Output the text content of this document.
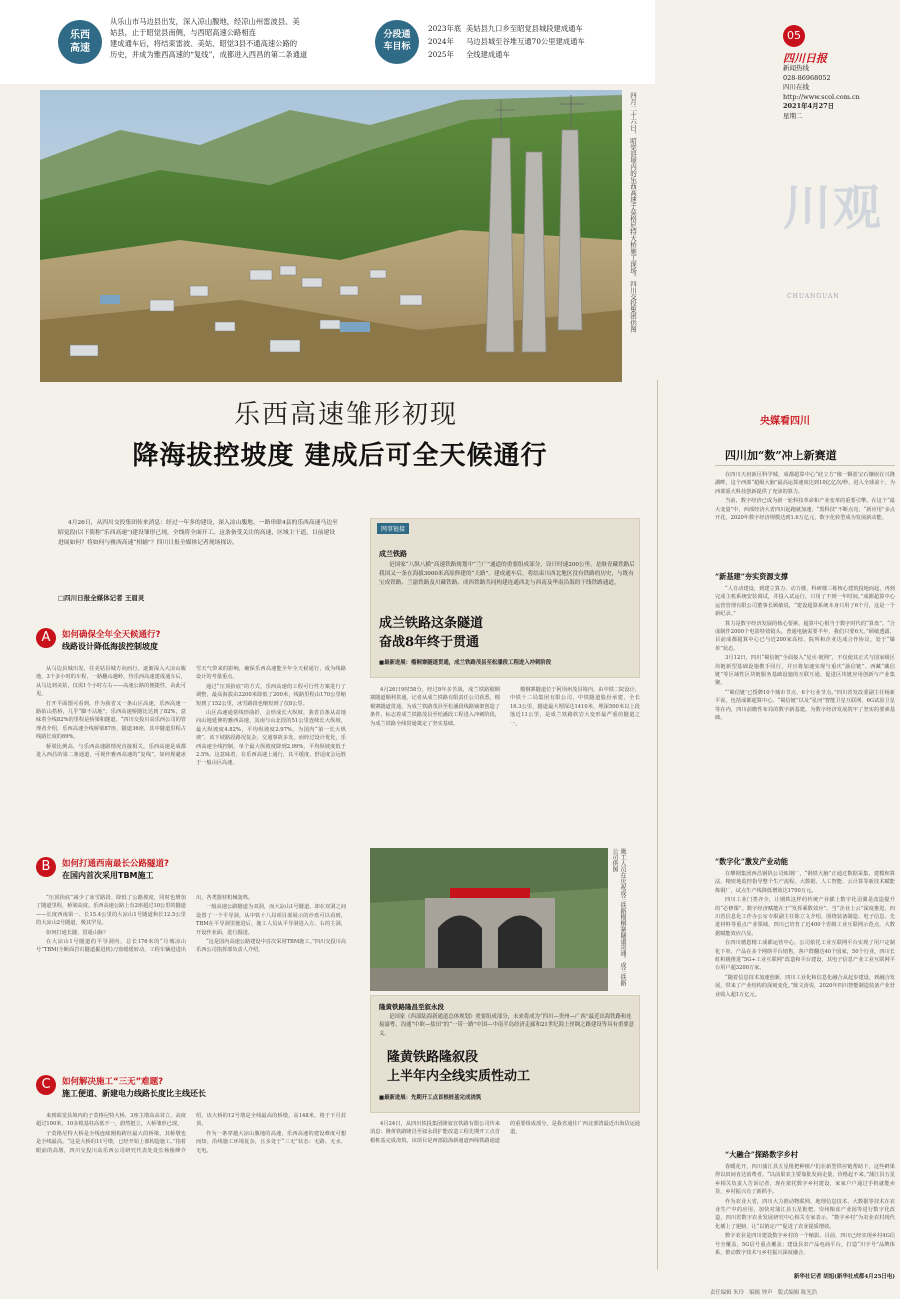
乐西高速
从乐山市马边县出发，深入凉山腹地，经凉山州雷波县、美
姑县，止于昭觉县南侧，与西昭高速公路相连
建成通车后，将结束雷波、美姑、昭觉3县不通高速公路的
历史，并成为雅西高速的“复线”，成都进入西昌的第二条通道
分段通车目标
2023年底 美姑县九口乡至昭觉县城段建成通车
2024年 马边县城至谷堆互通70公里建成通车
2025年 全线建成通车
四月二十六日，昭觉县境内的乐西高速子莫格尼特大桥施工现场。四川交投集团供图
05
四川日报
新闻热线
028-86968052
四川在线
http://www.scol.com.cn
2021年4月27日
星期二
川观
CHUANGUAN
央媒看四川
四川加“数”冲上新赛道

在四川天府新区科学城，成都超算中心“硅立方”像一颗蓝宝石镶嵌在兴隆湖畔，这个西部“超级大脑”最高运算速度达到10亿亿次/秒，进入全球前十，为西部重大科技创新提供了充沛的算力。

当前，数字经济已成为新一轮科技革命和产业变革的重要引擎。在这个“最大变量”中，西部经济大省四川起跑就加速，“黑科技”不断点亮，“新应用”多点开花，2020年数字经济规模达到1.6万亿元，数字化转型成为发展新动能。

“新基建”夯实资源支撑

“人自动建设，到建立算力、动力楼，科研楼三栋核心建筑投地而起，再到完成主机系统安装调试，并投入试运行，只用了不到一年时间。”成都超算中心运营管理有限公司董事长顾敏说，“建设超算系统本身只用了6个月，这是一个新纪录。”

算力是数字经济发展的核心要素，超算中心相当于数字时代的“算盘”。“合成制作2000个电影特效镜头，普通电脑需要半年，我们只要6天。”顾敏透露，目前成都超算中心已与近200家高校、院所和企业达成合作协议，处于“爆单”状态。

3月12日，四川“蜀信链”全面接入“星火·链网”，不仅使其正式与国家级区块链新型基础设施携手同行，并且将加速实现与重庆“渝信链”、西藏“藏信链”等区域性区块链服务基础设施的互联互通，促进区块链应用创新与产业集聚。

“‘蜀信链’已授牌10个城市节点、6个行业节点。”四川省发改委副主任杨新平说，包括成都超算中心、“蜀信链”以及“星河”智能卫星互联网、6G试验卫星等在内，四川前瞻性布局的数字新基建，为数字经济发展筑牢了坚实的要素基础。

“数字化”激发产业动能

在攀钢集团西昌钢钒公司炼钢厂，“钢铁大脑”正通过数据采集、建模和算法，精密地监控指导整个生产流程。大数据、人工智能、云计算等新技术赋能炼钢厂，试点生产线降低增效达1700万元。

四川工业门类齐全，让钢铁这样的传统产业插上数字化羽翼是改造提升的“必修课”。数字经济赋能在于“发挥乘数效应”。当“企业上云”深度推进，四川省信息化工作办公室专职副主任陈立文介绍，围绕装备制造、电子信息、先进材料等重点产业领域，四川已培育了近400个省级工业互联网示范点，大数据赋能效应凸显。

在四川德恩精工成都运营中心，公司依托工业互联网平台实现了用户定制化下单，产品在多个网络平台销售，客户群翻达40个国家，50个行业，四川长虹积极推进“5G+工业互联网”改造和平台建设，其电子信息产业工业互联网平台用户超3200万家。

“随着信息技术加速创新，四川工业化和信息化融合从起步建设，到融合发展，带来了产业结构的深刻变化。”陈文涛说，2020年四川智能制造装备产业营业收入超1万亿元。

“大融合”探路数字乡村

春暖花开，四川蒲江县五星枇杷种植户们在新型供应链帮助下，这些鲜果得以田间直达消费者。“以前果农主要靠批发商走量，价格起不来。”蒲江县五星乡相关负责人告诉记者，现在依托数字乡村建设，家家户户通过手机就能卖货，乡村振兴有了新抓手。

作为农业大省，四川大力推动物联网、地理信息技术、大数据等技术在农业生产中的应用，加快对蒲江县五星枇杷、崇州粮食产业园等进行数字化改造，四川省数字农业发展研究中心相关专家表示，“数字乡村”为农业农村现代化插上了翅膀，让“以销定产”促进了农业提质增效。

数字农业是四川建设数字乡村的一个缩影。目前，四川已经实现乡村4G信号全覆盖，5G信号重点覆盖；建设县农产品电商平台，打造“川字号”品牌体系，推动数字技术与乡村振兴深度融合。

新华社记者 胡旭(新华社成都4月25日电)
乐西高速雏形初现
降海拔控坡度 建成后可全天候通行
4月26日，从四川交投集团传来消息：经过一年多的建设，深入凉山腹地、一路串联4县的乐西高速马边至昭觉段(以下简称“乐西高速”)建设雏形已现，全线将全面开工。这条备受关注的高速，区域主干道，目前建设进展如何？将如何与雅西高速“相辅”？四川日报全媒体记者现场探访。
□四川日报全媒体记者 王眉灵
A	如何确保全年全天候通行?
线路设计降低海拔控制坡度

从马边县城出发，往美姑县城方向而行，逐渐深入大凉山腹地，3个多小时的车程，一路翻山越岭，待乐西高速建成通车后，从马边到美姑，仅需1个小时左右——高速公路的便捷性，由此可见。

打开平面图可看到，作为我省又一条山区高速，乐西高速一路钻山搭桥，几乎“脚不沾地”。乐西高速桥隧比达到了82%，意味着全线82%的里程是桥梁和隧道。“四川交投川高乐西公司的管理者介绍，乐西高速全线桥梁87座，隧道36座，其中隧道里程占线路长度的69%。

桥梁比例高，与乐西高速路情况直接相关。乐西高速是成都进入西昌的第二条通道，可视作雅西高速的“复线”，如何规避冰雪天气带来的影响，确保乐西高速能全年全天候通行，成为线路设计的考量重点。

通过“压顶抬底”的方式，乐西高速的工程可行性方案进行了调整，最高海拔由2200米降低了200米，线路里程由170公里缩短到了152公里，冰雪路段也缩短到了仅8公里。

山区高速通常线形曲折，会形成长大纵坡。我省首条从盆地向山地延伸的雅西高速，其南与山北段的51公里连续长大纵坡，最大纵坡度4.82%，平均纵坡度2.97%，为国内“第一长大纵坡”，该下坡路段路况复杂，交通事故多发。而经过设计优化，乐西高速全线控制，单个最大纵坡度降到2.99%，平均纵坡度低于2.5%。这意味着，在乐西高速上通行，其平缓度、舒适度会远胜于一般山区高速。

B	如何打通西南最长公路隧道?
在国内首次采用TBM施工

“压顶抬底”减少了冰雪路段、降低了公路坡度，同时也增加了隧道里程，桥梁高度。乐西高速公路上有2座超过10公里的隧道——长度西南第一、长15.4公里的大凉山1号隧道和长12.5公里的大凉山2号隧道，极其罕见。

如何打通长隧、贯通山脉？

在大凉山1号隧道的平导洞内，总长176米的“月城凉山号”TBM(全断面岩石隧道掘进机)刀盘缓缓转动，工程车辆进进出出，各类器材机械轰鸣。

一般高速公路隧道为双洞，而大凉山1号隧道，却在双洞之间设置了一个平导洞。从中铁十八局项目部展示的沙盘可以看到，TBM在平导洞里施进后，施工人员从平导洞进入左、右的主洞，开设作业面，进行掘进。

“这是国内高速公路建设中首次采用TBM施工。”四川交投川高乐西公司指挥部负责人介绍。

C	如何解决施工“三无”难题?
施工便道、新建电力线路长度比主线还长

来到昭觉县境内的子莫格尼特大桥，3座主墩高高耸立，高度超过100米，10多根基柱高低不一，蔚然挺立，大桥雏形已现。

子莫格尼特大桥是全线连续刚构跨径最大的桥梁，其桥墩也是全线最高。“这是大桥的11号墩，已经开始上部构造施工。”指着眼前的高墩，四川交投川高乐西公司研究代表处处长杨俊峰介绍，该大桥的12号墩是全线最高的桥墩，高148米，将于下月封顶。

作为一条穿越大凉山腹地的高速，乐西高速的建设难度可想而知。沿线施工环境复杂，且多处于“三无”状态：无路、无水、无电。

网事链接
成兰铁路
是国家“八纵八横”高速铁路规划中“兰广”通道的重要组成部分，设计时速200公里，是继青藏铁路后我国又一条在海拔3000米高原修建的“天路”。建成通车后，将结束川西北地区没有铁路的历史，与既有宝成铁路、兰渝铁路及川藏铁路、成西铁路共同构建连通西北与西南及华南沿海的干线铁路通道。
成兰铁路这条隧道
奋战8年终于贯通
■最新进展：榴桐寨隧道贯通，成兰铁路茂县至松潘段工程进入冲刺阶段

4月26日9时58分，经过8年多苦战，成兰铁路榴桐寨隧道顺利贯通，记者从成兰铁路有限责任公司获悉，榴桐寨隧道贯通，为成兰铁路茂县至松潘段线路铺架创造了条件，标志着成兰铁路茂县至松潘段工程进入冲刺阶段，为成兰铁路全线贯通奠定了坚实基础。

榴桐寨隧道位于阿坝州茂县境内，由中铁二院设计、中铁十二局集团有限公司、中铁隧道股份承建，全长16.3公里，隧道最大埋深达1410米，埋深500米以上段落近11公里，是成兰铁路软岩大变形最严重的隧道之一。

施工人员在庆祝成兰铁路榴桐寨隧道贯通。成兰铁路公司供图
隆黄铁路隆昌至叙永段
是国家《西部陆海新通道总体规划》重要组成部分，未来将成为“四川—贵州—广西”最近出海铁路和连接渝粤、沟通“中欧—盐田”的“一带一路”中国—中南半岛经济走廊和21世纪海上丝绸之路建设等具有重要意义。
隆黄铁路隆叙段
上半年内全线实质性动工
■最新进展：先期开工点首根桩基完成浇筑

4月24日，从四川铁投集团隆叙宜铁路有限公司传来消息：隆黄铁路隆昌至叙永段扩能改造工程先期开工点首根桩基完成浇筑。该项目是西部陆海新通道西线铁路通道的重要组成部分，是我省通往广西北部湾最近出海货运通道。

责任编辑 朱玲 编辑 钟声 版式编辑 陈光浩
